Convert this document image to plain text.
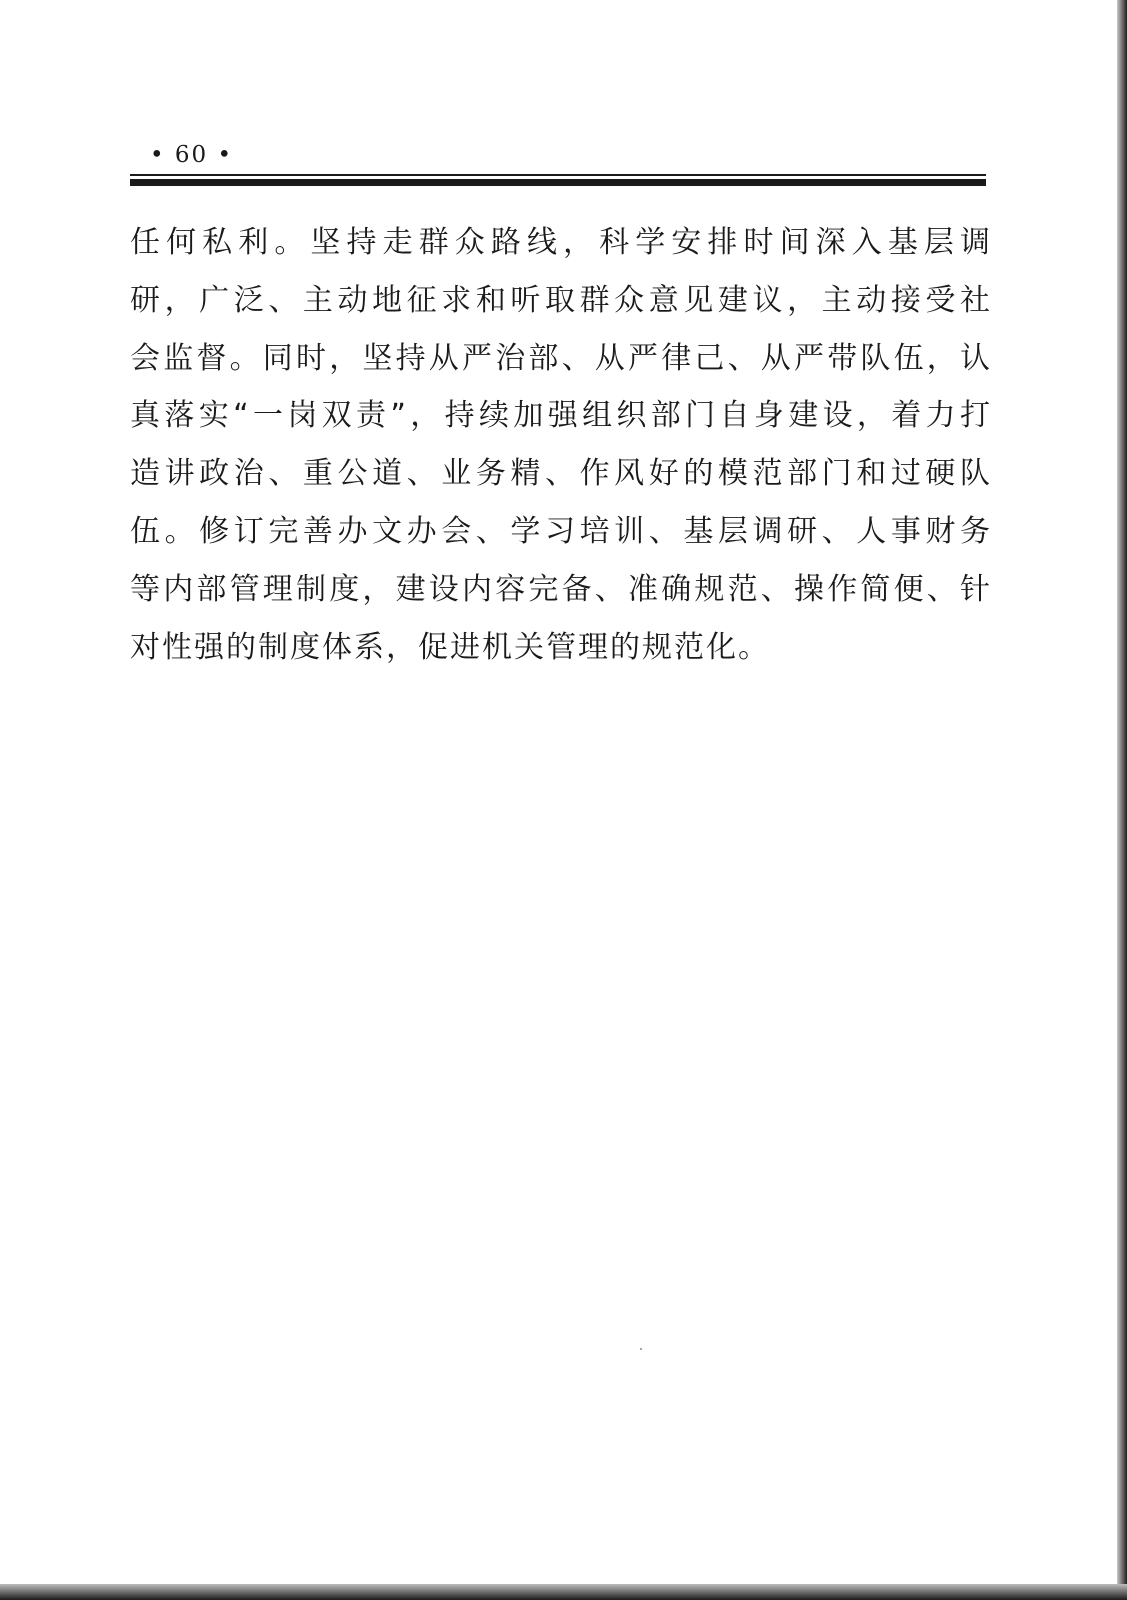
• 60 •
任何私利。坚持走群众路线，科学安排时间深入基层调
研，广泛、主动地征求和听取群众意见建议，主动接受社
会监督。同时，坚持从严治部、从严律己、从严带队伍，认
真落实“一岗双责”，持续加强组织部门自身建设，着力打
造讲政治、重公道、业务精、作风好的模范部门和过硬队
伍。修订完善办文办会、学习培训、基层调研、人事财务
等内部管理制度，建设内容完备、准确规范、操作简便、针
对性强的制度体系，促进机关管理的规范化。
